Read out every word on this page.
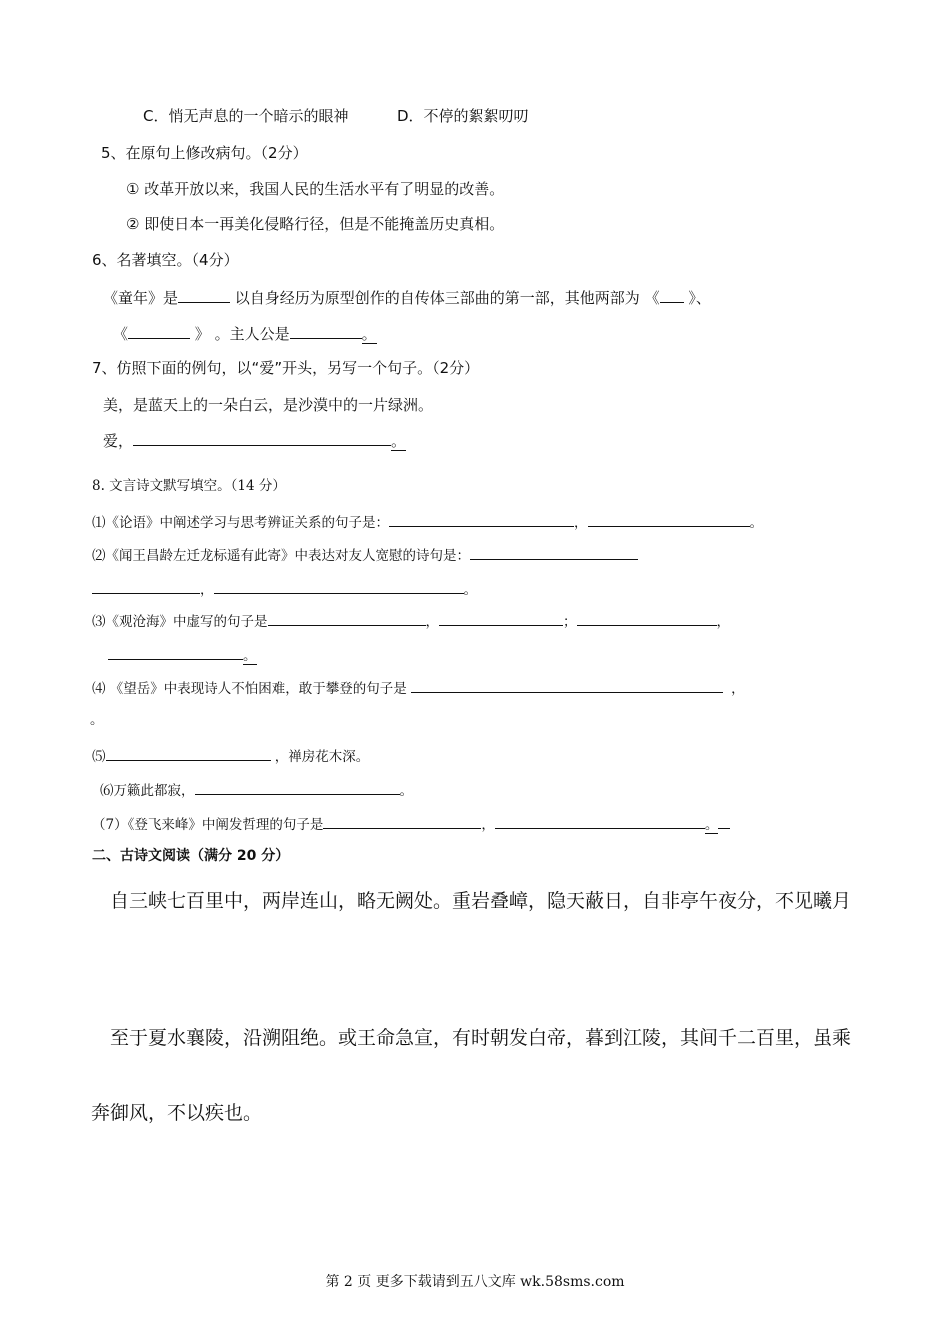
C．悄无声息的一个暗示的眼神	D．不停的絮絮叨叨
5、在原句上修改病句。（2分）
① 改革开放以来，我国人民的生活水平有了明显的改善。
② 即使日本一再美化侵略行径，但是不能掩盖历史真相。
6、名著填空。（4分）
《童年》是	以自身经历为原型创作的自传体三部曲的第一部，其他两部为 《 》、
《	》 。主人公是	。
7、仿照下面的例句，以“爱”开头，另写一个句子。（2分）
美，是蓝天上的一朵白云，是沙漠中的一片绿洲。
爱，	。
8. 文言诗文默写填空。（14 分）
⑴《论语》中阐述学习与思考辨证关系的句子是：	，	。
⑵《闻王昌龄左迁龙标遥有此寄》中表达对友人宽慰的诗句是：
，	。
⑶《观沧海》中虚写的句子是	，	；	，
。
⑷ 《望岳》中表现诗人不怕困难，敢于攀登的句子是	，
。
⑸	，禅房花木深。
⑹万籁此都寂，	。
（7）《登飞来峰》中阐发哲理的句子是	，	。
二、古诗文阅读（满分 20 分）
自三峡七百里中，两岸连山，略无阙处。重岩叠嶂，隐天蔽日，自非亭午夜分，不见曦月
至于夏水襄陵，沿溯阻绝。或王命急宣，有时朝发白帝，暮到江陵，其间千二百里，虽乘
奔御风，不以疾也。
第 2 页 更多下载请到五八文库 wk.58sms.com
